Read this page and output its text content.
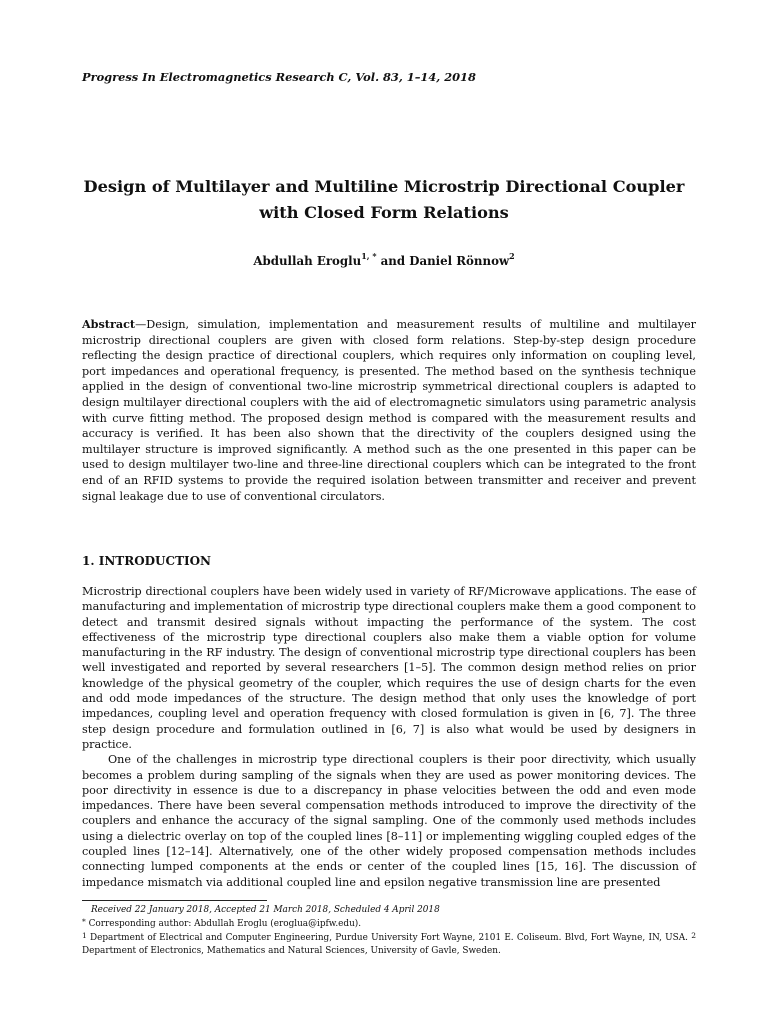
Progress In Electromagnetics Research C, Vol. 83, 1–14, 2018
Design of Multilayer and Multiline Microstrip Directional Coupler
with Closed Form Relations
Abdullah Eroglu$^{1, *}$ and Daniel Rönnow$^2$

Abstract—Design, simulation, implementation and measurement results of multiline and multilayer microstrip directional couplers are given with closed form relations. Step-by-step design procedure reflecting the design practice of directional couplers, which requires only information on coupling level, port impedances and operational frequency, is presented. The method based on the synthesis technique applied in the design of conventional two-line microstrip symmetrical directional couplers is adapted to design multilayer directional couplers with the aid of electromagnetic simulators using parametric analysis with curve fitting method. The proposed design method is compared with the measurement results and accuracy is verified. It has been also shown that the directivity of the couplers designed using the multilayer structure is improved significantly. A method such as the one presented in this paper can be used to design multilayer two-line and three-line directional couplers which can be integrated to the front end of an RFID systems to provide the required isolation between transmitter and receiver and prevent signal leakage due to use of conventional circulators.

1. INTRODUCTION

Microstrip directional couplers have been widely used in variety of RF/Microwave applications. The ease of manufacturing and implementation of microstrip type directional couplers make them a good component to detect and transmit desired signals without impacting the performance of the system. The cost effectiveness of the microstrip type directional couplers also make them a viable option for volume manufacturing in the RF industry. The design of conventional microstrip type directional couplers has been well investigated and reported by several researchers [1–5]. The common design method relies on prior knowledge of the physical geometry of the coupler, which requires the use of design charts for the even and odd mode impedances of the structure. The design method that only uses the knowledge of port impedances, coupling level and operation frequency with closed formulation is given in [6, 7]. The three step design procedure and formulation outlined in [6, 7] is also what would be used by designers in practice.

One of the challenges in microstrip type directional couplers is their poor directivity, which usually becomes a problem during sampling of the signals when they are used as power monitoring devices. The poor directivity in essence is due to a discrepancy in phase velocities between the odd and even mode impedances. There have been several compensation methods introduced to improve the directivity of the couplers and enhance the accuracy of the signal sampling. One of the commonly used methods includes using a dielectric overlay on top of the coupled lines [8–11] or implementing wiggling coupled edges of the coupled lines [12–14]. Alternatively, one of the other widely proposed compensation methods includes connecting lumped components at the ends or center of the coupled lines [15, 16]. The discussion of impedance mismatch via additional coupled line and epsilon negative transmission line are presented

Received 22 January 2018, Accepted 21 March 2018, Scheduled 4 April 2018
* Corresponding author: Abdullah Eroglu (eroglua@ipfw.edu).
$^1$ Department of Electrical and Computer Engineering, Purdue University Fort Wayne, 2101 E. Coliseum. Blvd, Fort Wayne, IN, USA. $^2$ Department of Electronics, Mathematics and Natural Sciences, University of Gavle, Sweden.
